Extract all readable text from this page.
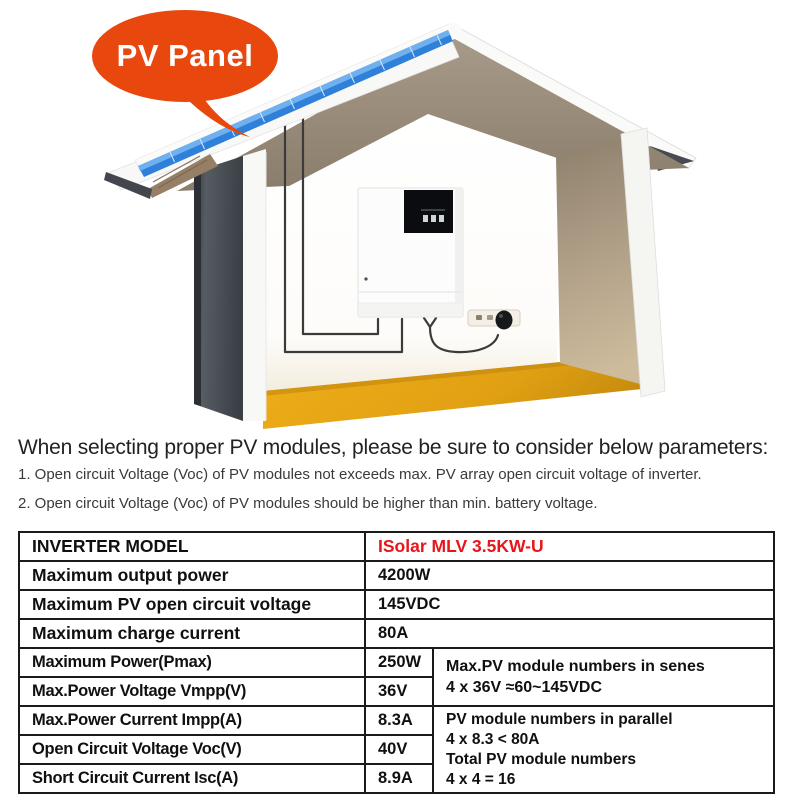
PV Panel
When selecting proper PV modules, please be sure to consider below parameters:
1. Open circuit Voltage (Voc) of PV modules not exceeds max. PV array open circuit voltage of inverter.
2. Open circuit Voltage (Voc) of PV modules should be higher than min. battery voltage.
INVERTER MODEL	ISolar MLV 3.5KW-U	
Maximum output power	4200W	
Maximum PV open circuit voltage	145VDC	
Maximum charge current	80A	
Maximum Power(Pmax)	250W	Max.PV module numbers in senes
4 x 36V ≈60~145VDC

Max.Power Voltage Vmpp(V)	36V	
Max.Power Current Impp(A)	8.3A	PV module numbers in parallel
4 x 8.3 < 80A
Total PV module numbers
4 x 4 = 16

Open Circuit Voltage Voc(V)	40V	
Short Circuit Current Isc(A)	8.9A	
